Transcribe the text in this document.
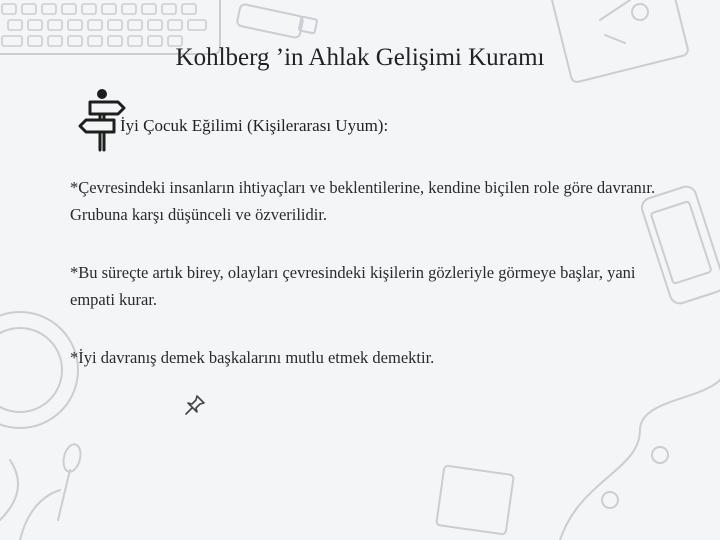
Kohlberg ’in Ahlak Gelişimi Kuramı
İyi Çocuk Eğilimi (Kişilerarası Uyum):
*Çevresindeki insanların ihtiyaçları ve beklentilerine, kendine biçilen role göre davranır. Grubuna karşı düşünceli ve özverilidir.
*Bu süreçte artık birey, olayları çevresindeki kişilerin gözleriyle görmeye başlar, yani empati kurar.
*İyi davranış demek başkalarını mutlu etmek demektir.
